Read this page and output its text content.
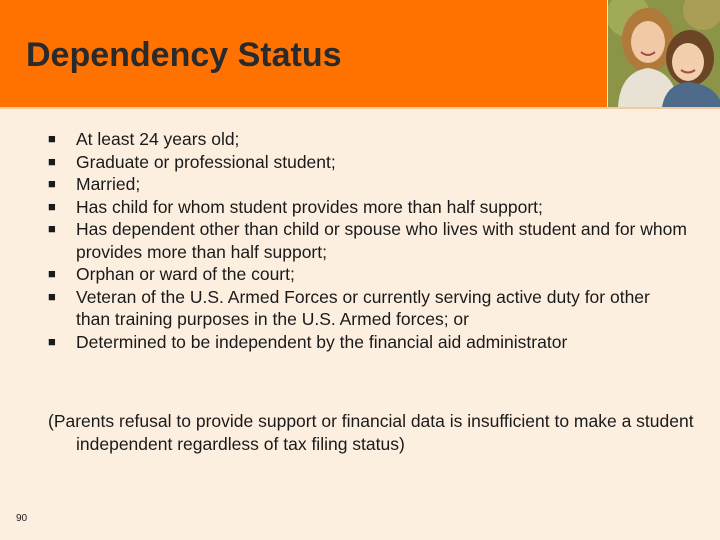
Dependency Status
■ At least 24 years old;
■ Graduate or professional student;
■ Married;
■ Has child for whom student provides more than half support;
■ Has dependent other than child or spouse who lives with student and for whom provides more than half support;
■ Orphan or ward of the court;
■ Veteran of the U.S. Armed Forces or currently serving active duty for other than training purposes in the U.S. Armed forces; or
■ Determined to be independent by the financial aid administrator
(Parents refusal to provide support or financial data is insufficient to make a student independent regardless of tax filing status)
90
